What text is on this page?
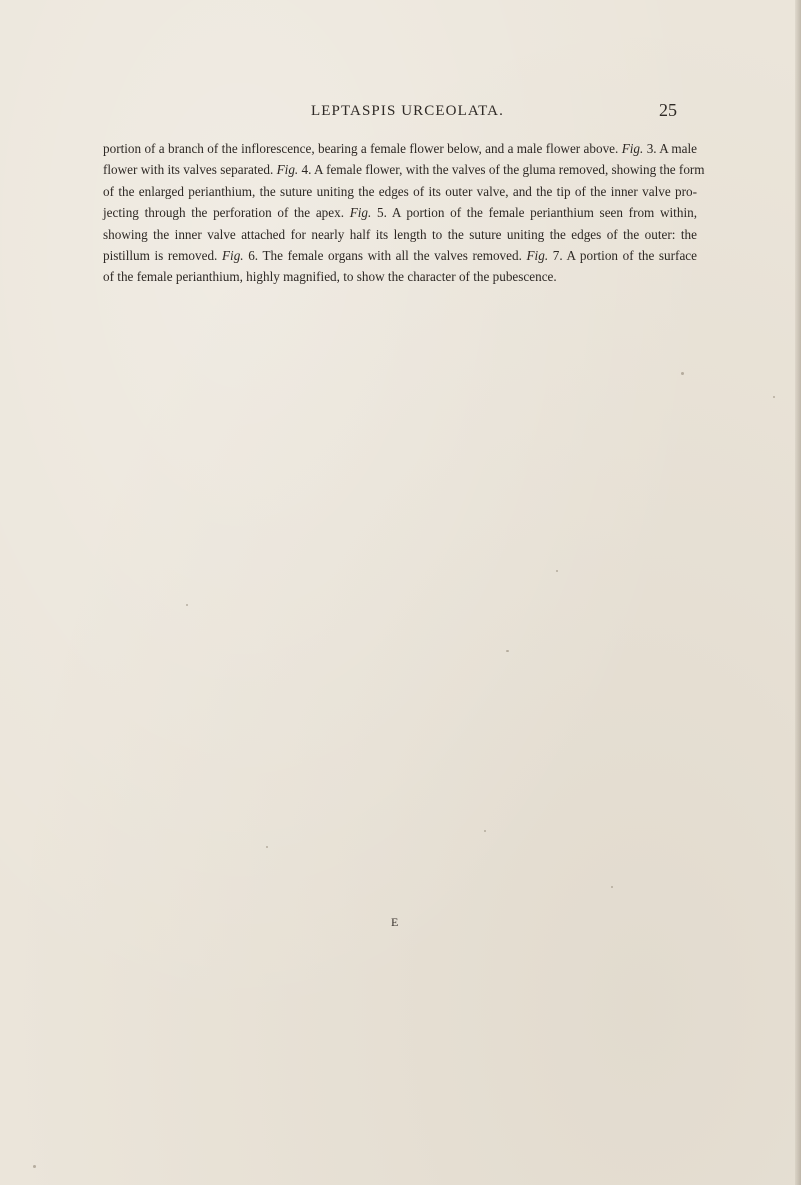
LEPTASPIS URCEOLATA.	25
portion of a branch of the inflorescence, bearing a female flower below, and a male flower above. Fig. 3. A male
flower with its valves separated. Fig. 4. A female flower, with the valves of the gluma removed, showing the form
of the enlarged perianthium, the suture uniting the edges of its outer valve, and the tip of the inner valve pro-
jecting through the perforation of the apex. Fig. 5. A portion of the female perianthium seen from within,
showing the inner valve attached for nearly half its length to the suture uniting the edges of the outer: the
pistillum is removed. Fig. 6. The female organs with all the valves removed. Fig. 7. A portion of the surface
of the female perianthium, highly magnified, to show the character of the pubescence.
E
